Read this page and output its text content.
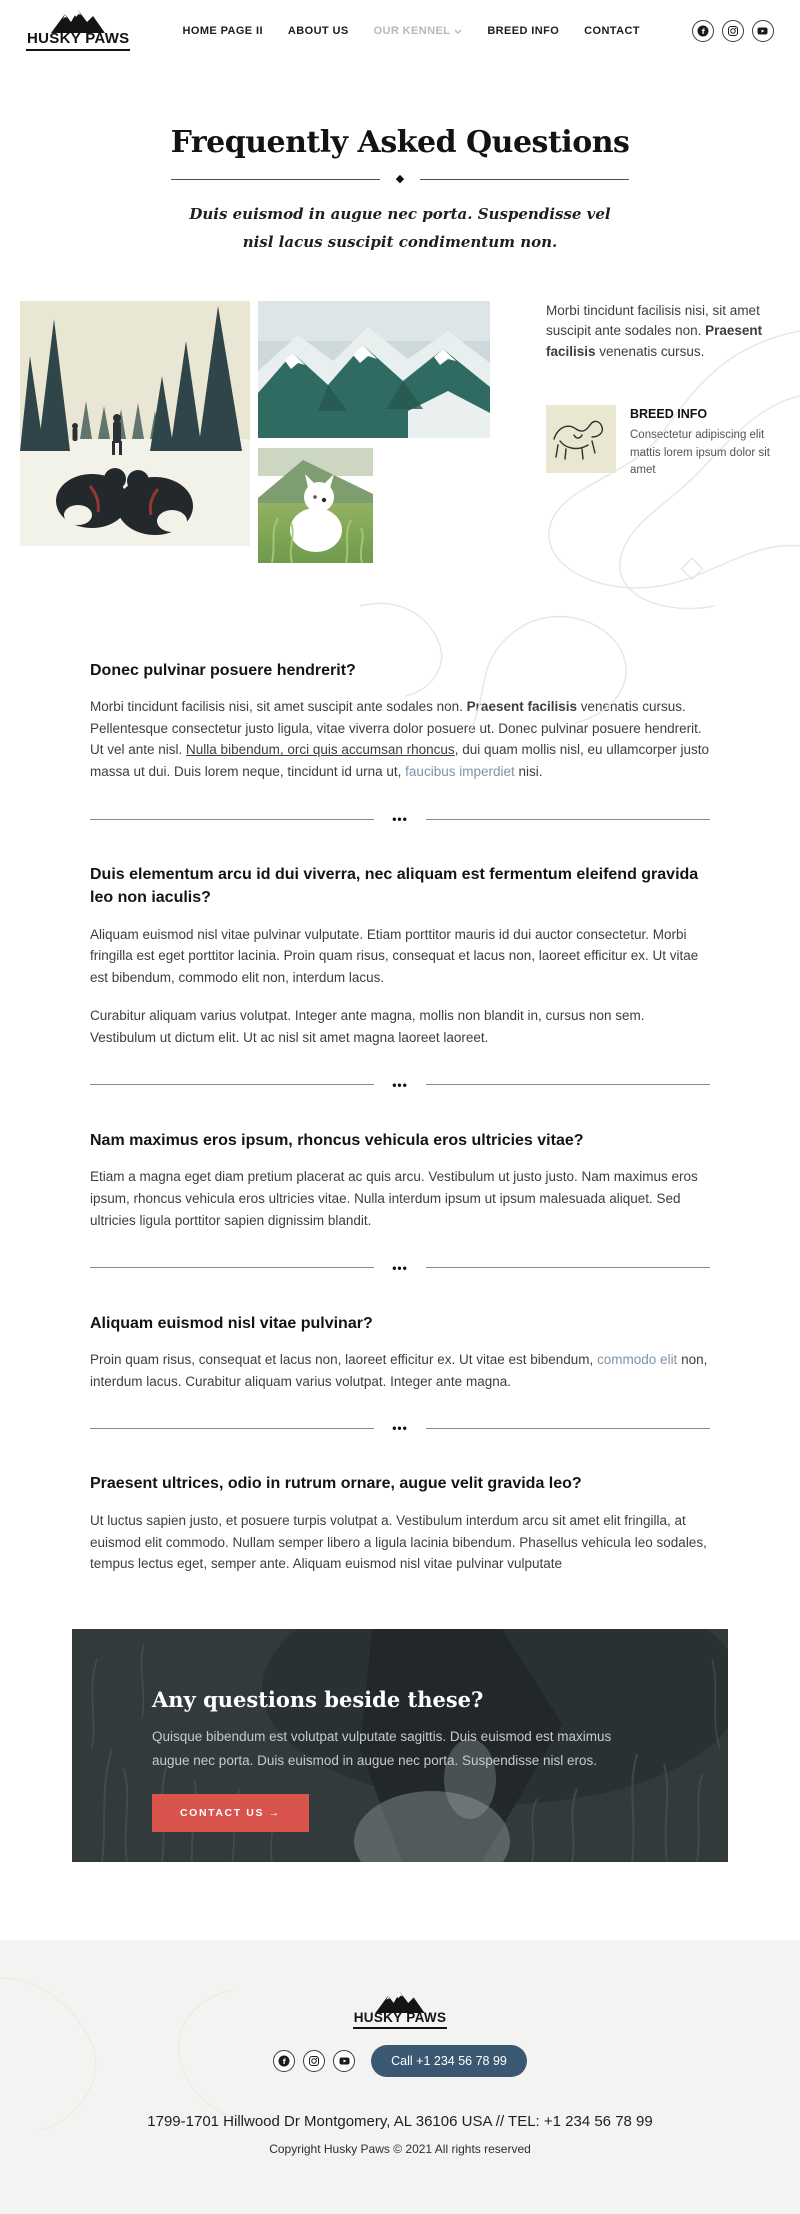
HUSKY PAWS	HOME PAGE II ABOUT US OUR KENNEL	BREED INFO CONTACT	f
Frequently Asked Questions
◆

Duis euismod in augue nec porta. Suspendisse vel nisl lacus suscipit condimentum non.

Morbi tincidunt facilisis nisi, sit amet suscipit ante sodales non. Praesent facilisis venenatis cursus.

BREED INFO

Consectetur adipiscing elit mattis lorem ipsum dolor sit amet

Donec pulvinar posuere hendrerit?

Morbi tincidunt facilisis nisi, sit amet suscipit ante sodales non. Praesent facilisis venenatis cursus. Pellentesque consectetur justo ligula, vitae viverra dolor posuere ut. Donec pulvinar posuere hendrerit. Ut vel ante nisl. Nulla bibendum, orci quis accumsan rhoncus, dui quam mollis nisl, eu ullamcorper justo massa ut dui. Duis lorem neque, tincidunt id urna ut, faucibus imperdiet nisi.

•••
Duis elementum arcu id dui viverra, nec aliquam est fermentum eleifend gravida leo non iaculis?

Aliquam euismod nisl vitae pulvinar vulputate. Etiam porttitor mauris id dui auctor consectetur. Morbi fringilla est eget porttitor lacinia. Proin quam risus, consequat et lacus non, laoreet efficitur ex. Ut vitae est bibendum, commodo elit non, interdum lacus.

Curabitur aliquam varius volutpat. Integer ante magna, mollis non blandit in, cursus non sem. Vestibulum ut dictum elit. Ut ac nisl sit amet magna laoreet laoreet.

•••
Nam maximus eros ipsum, rhoncus vehicula eros ultricies vitae?

Etiam a magna eget diam pretium placerat ac quis arcu. Vestibulum ut justo justo. Nam maximus eros ipsum, rhoncus vehicula eros ultricies vitae. Nulla interdum ipsum ut ipsum malesuada aliquet. Sed ultricies ligula porttitor sapien dignissim blandit.

•••
Aliquam euismod nisl vitae pulvinar?

Proin quam risus, consequat et lacus non, laoreet efficitur ex. Ut vitae est bibendum, commodo elit non, interdum lacus. Curabitur aliquam varius volutpat. Integer ante magna.

•••
Praesent ultrices, odio in rutrum ornare, augue velit gravida leo?

Ut luctus sapien justo, et posuere turpis volutpat a. Vestibulum interdum arcu sit amet elit fringilla, at euismod elit commodo. Nullam semper libero a ligula lacinia bibendum. Phasellus vehicula leo sodales, tempus lectus eget, semper ante. Aliquam euismod nisl vitae pulvinar vulputate

Any questions beside these?

Quisque bibendum est volutpat vulputate sagittis. Duis euismod est maximus augue nec porta. Duis euismod in augue nec porta. Suspendisse nisl eros.

CONTACT US →
HUSKY PAWS
f	Call +1 234 56 78 99
1799-1701 Hillwood Dr Montgomery, AL 36106 USA // TEL: +1 234 56 78 99
Copyright Husky Paws © 2021 All rights reserved
